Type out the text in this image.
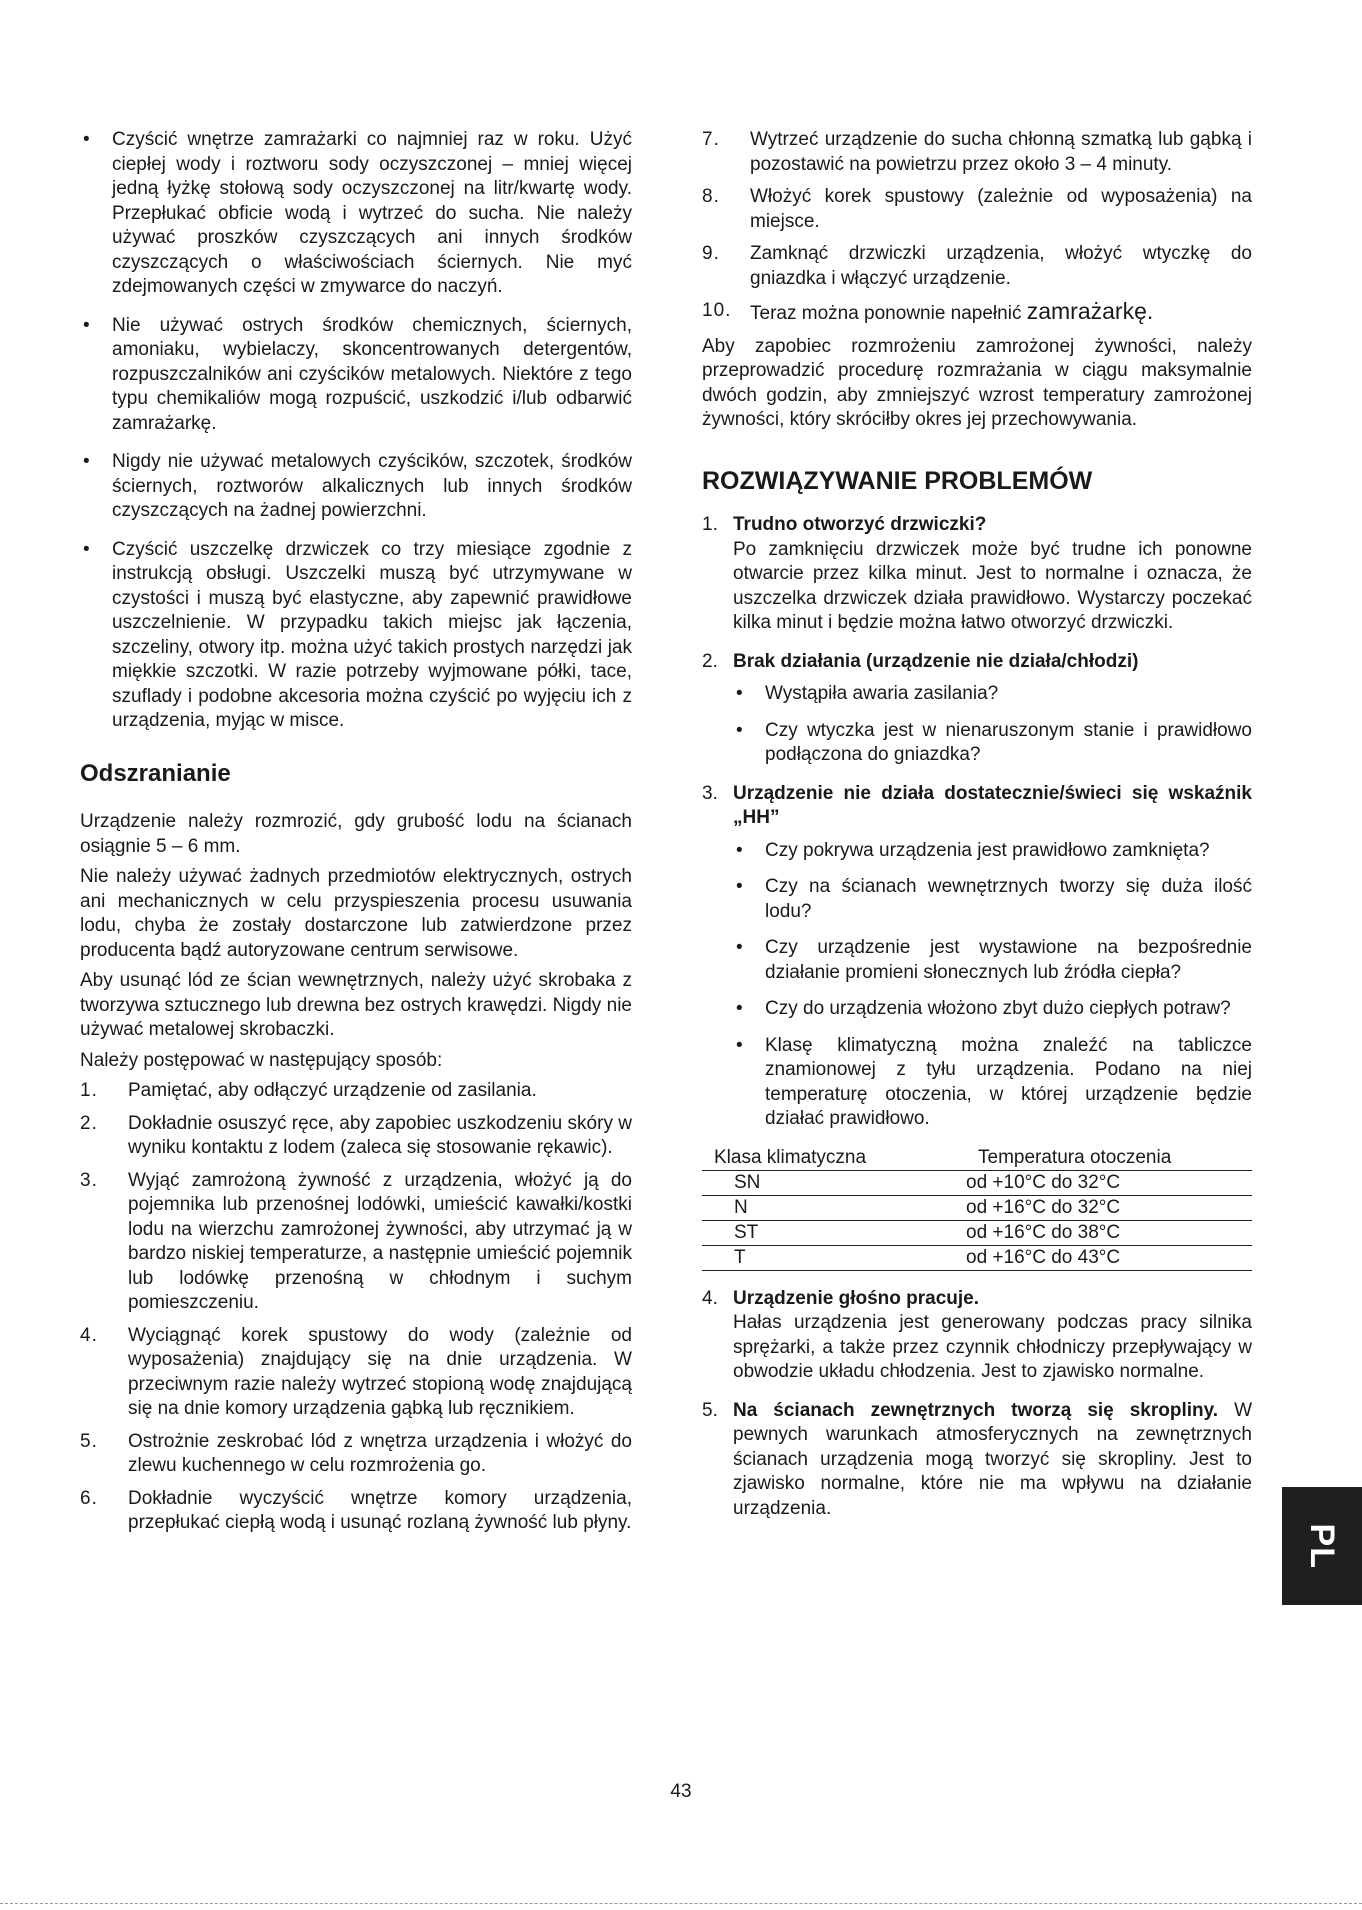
• Czyścić wnętrze zamrażarki co najmniej raz w roku. Użyć ciepłej wody i roztworu sody oczyszczonej – mniej więcej jedną łyżkę stołową sody oczyszczonej na litr/kwartę wody. Przepłukać obficie wodą i wytrzeć do sucha. Nie należy używać proszków czyszczących ani innych środków czyszczących o właściwościach ściernych. Nie myć zdejmowanych części w zmywarce do naczyń.
• Nie używać ostrych środków chemicznych, ściernych, amoniaku, wybielaczy, skoncentrowanych detergentów, rozpuszczalników ani czyścików metalowych. Niektóre z tego typu chemikaliów mogą rozpuścić, uszkodzić i/lub odbarwić zamrażarkę.
• Nigdy nie używać metalowych czyścików, szczotek, środków ściernych, roztworów alkalicznych lub innych środków czyszczących na żadnej powierzchni.
• Czyścić uszczelkę drzwiczek co trzy miesiące zgodnie z instrukcją obsługi. Uszczelki muszą być utrzymywane w czystości i muszą być elastyczne, aby zapewnić prawidłowe uszczelnienie. W przypadku takich miejsc jak łączenia, szczeliny, otwory itp. można użyć takich prostych narzędzi jak miękkie szczotki. W razie potrzeby wyjmowane półki, tace, szuflady i podobne akcesoria można czyścić po wyjęciu ich z urządzenia, myjąc w misce.
Odszranianie

Urządzenie należy rozmrozić, gdy grubość lodu na ścianach osiągnie 5 – 6 mm.

Nie należy używać żadnych przedmiotów elektrycznych, ostrych ani mechanicznych w celu przyspieszenia procesu usuwania lodu, chyba że zostały dostarczone lub zatwierdzone przez producenta bądź autoryzowane centrum serwisowe.

Aby usunąć lód ze ścian wewnętrznych, należy użyć skrobaka z tworzywa sztucznego lub drewna bez ostrych krawędzi. Nigdy nie używać metalowej skrobaczki.

Należy postępować w następujący sposób:

1. Pamiętać, aby odłączyć urządzenie od zasilania.
2. Dokładnie osuszyć ręce, aby zapobiec uszkodzeniu skóry w wyniku kontaktu z lodem (zaleca się stosowanie rękawic).
3. Wyjąć zamrożoną żywność z urządzenia, włożyć ją do pojemnika lub przenośnej lodówki, umieścić kawałki/kostki lodu na wierzchu zamrożonej żywności, aby utrzymać ją w bardzo niskiej temperaturze, a następnie umieścić pojemnik lub lodówkę przenośną w chłodnym i suchym pomieszczeniu.
4. Wyciągnąć korek spustowy do wody (zależnie od wyposażenia) znajdujący się na dnie urządzenia. W przeciwnym razie należy wytrzeć stopioną wodę znajdującą się na dnie komory urządzenia gąbką lub ręcznikiem.
5. Ostrożnie zeskrobać lód z wnętrza urządzenia i włożyć do zlewu kuchennego w celu rozmrożenia go.
6. Dokładnie wyczyścić wnętrze komory urządzenia, przepłukać ciepłą wodą i usunąć rozlaną żywność lub płyny.
7. Wytrzeć urządzenie do sucha chłonną szmatką lub gąbką i pozostawić na powietrzu przez około 3 – 4 minuty.
8. Włożyć korek spustowy (zależnie od wyposażenia) na miejsce.
9. Zamknąć drzwiczki urządzenia, włożyć wtyczkę do gniazdka i włączyć urządzenie.
10. Teraz można ponownie napełnić zamrażarkę.

Aby zapobiec rozmrożeniu zamrożonej żywności, należy przeprowadzić procedurę rozmrażania w ciągu maksymalnie dwóch godzin, aby zmniejszyć wzrost temperatury zamrożonej żywności, który skróciłby okres jej przechowywania.

ROZWIĄZYWANIE PROBLEMÓW
1. Trudno otworzyć drzwiczki?

Po zamknięciu drzwiczek może być trudne ich ponowne otwarcie przez kilka minut. Jest to normalne i oznacza, że uszczelka drzwiczek działa prawidłowo. Wystarczy poczekać kilka minut i będzie można łatwo otworzyć drzwiczki.

2. Brak działania (urządzenie nie działa/chłodzi)
• Wystąpiła awaria zasilania?
• Czy wtyczka jest w nienaruszonym stanie i prawidłowo podłączona do gniazdka?
3. Urządzenie nie działa dostatecznie/świeci się wskaźnik „HH”
• Czy pokrywa urządzenia jest prawidłowo zamknięta?
• Czy na ścianach wewnętrznych tworzy się duża ilość lodu?
• Czy urządzenie jest wystawione na bezpośrednie działanie promieni słonecznych lub źródła ciepła?
• Czy do urządzenia włożono zbyt dużo ciepłych potraw?
• Klasę klimatyczną można znaleźć na tabliczce znamionowej z tyłu urządzenia. Podano na niej temperaturę otoczenia, w której urządzenie będzie działać prawidłowo.
Klasa klimatyczna	Temperatura otoczenia
SN	od +10°C do 32°C
N	od +16°C do 32°C
ST	od +16°C do 38°C
T	od +16°C do 43°C
4. Urządzenie głośno pracuje.

Hałas urządzenia jest generowany podczas pracy silnika sprężarki, a także przez czynnik chłodniczy przepływający w obwodzie układu chłodzenia. Jest to zjawisko normalne.

5. Na ścianach zewnętrznych tworzą się skropliny. W pewnych warunkach atmosferycznych na zewnętrznych ścianach urządzenia mogą tworzyć się skropliny. Jest to zjawisko normalne, które nie ma wpływu na działanie urządzenia.

PL
43
